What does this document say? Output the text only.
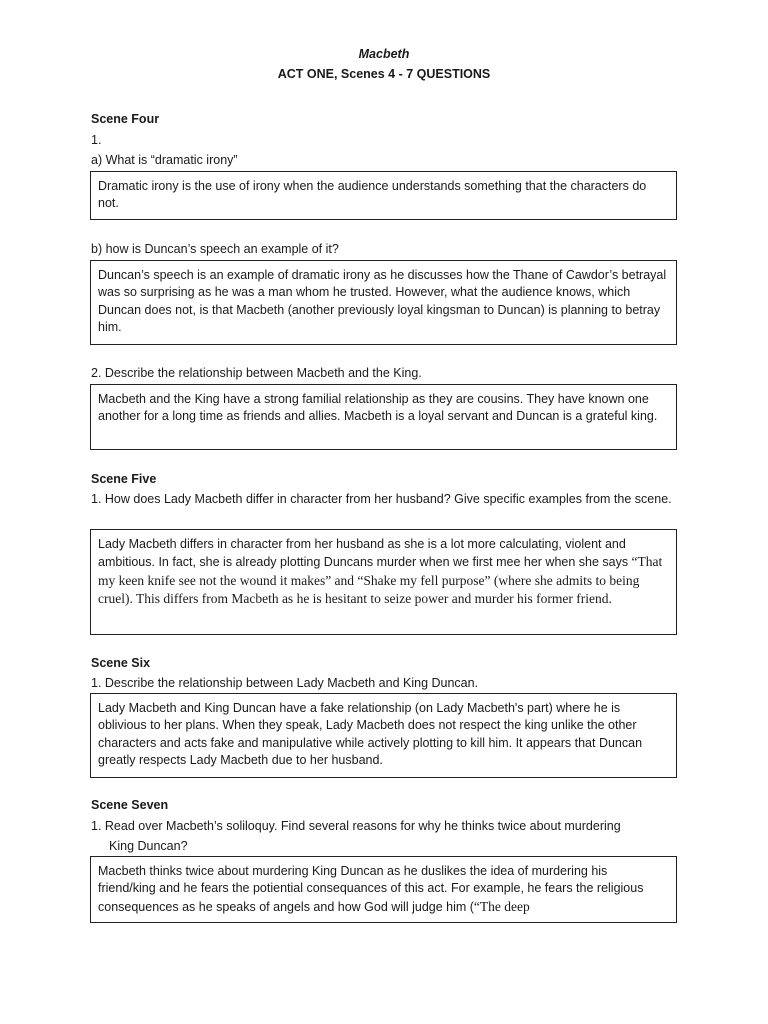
Macbeth
ACT ONE, Scenes 4 - 7 QUESTIONS
Scene Four
1.
a) What is “dramatic irony”
Dramatic irony is the use of irony when the audience understands something that the characters do not.
b) how is Duncan’s speech an example of it?
Duncan’s speech is an example of dramatic irony as he discusses how the Thane of Cawdor’s betrayal was so surprising as he was a man whom he trusted. However, what the audience knows, which Duncan does not, is that Macbeth (another previously loyal kingsman to Duncan) is planning to betray him.
2. Describe the relationship between Macbeth and the King.
Macbeth and the King have a strong familial relationship as they are cousins. They have known one another for a long time as friends and allies. Macbeth is a loyal servant and Duncan is a grateful king.
Scene Five
1. How does Lady Macbeth differ in character from her husband? Give specific examples from the scene.
Lady Macbeth differs in character from her husband as she is a lot more calculating, violent and ambitious. In fact, she is already plotting Duncans murder when we first mee her when she says “That my keen knife see not the wound it makes” and “Shake my fell purpose” (where she admits to being cruel). This differs from Macbeth as he is hesitant to seize power and murder his former friend.
Scene Six
1. Describe the relationship between Lady Macbeth and King Duncan.
Lady Macbeth and King Duncan have a fake relationship (on Lady Macbeth's part) where he is oblivious to her plans. When they speak, Lady Macbeth does not respect the king unlike the other characters and acts fake and manipulative while actively plotting to kill him. It appears that Duncan greatly respects Lady Macbeth due to her husband.
Scene Seven
1. Read over Macbeth’s soliloquy. Find several reasons for why he thinks twice about murdering King Duncan?
Macbeth thinks twice about murdering King Duncan as he duslikes the idea of murdering his friend/king and he fears the potiential consequances of this act. For example, he fears the religious consequences as he speaks of angels and how God will judge him (“The deep
